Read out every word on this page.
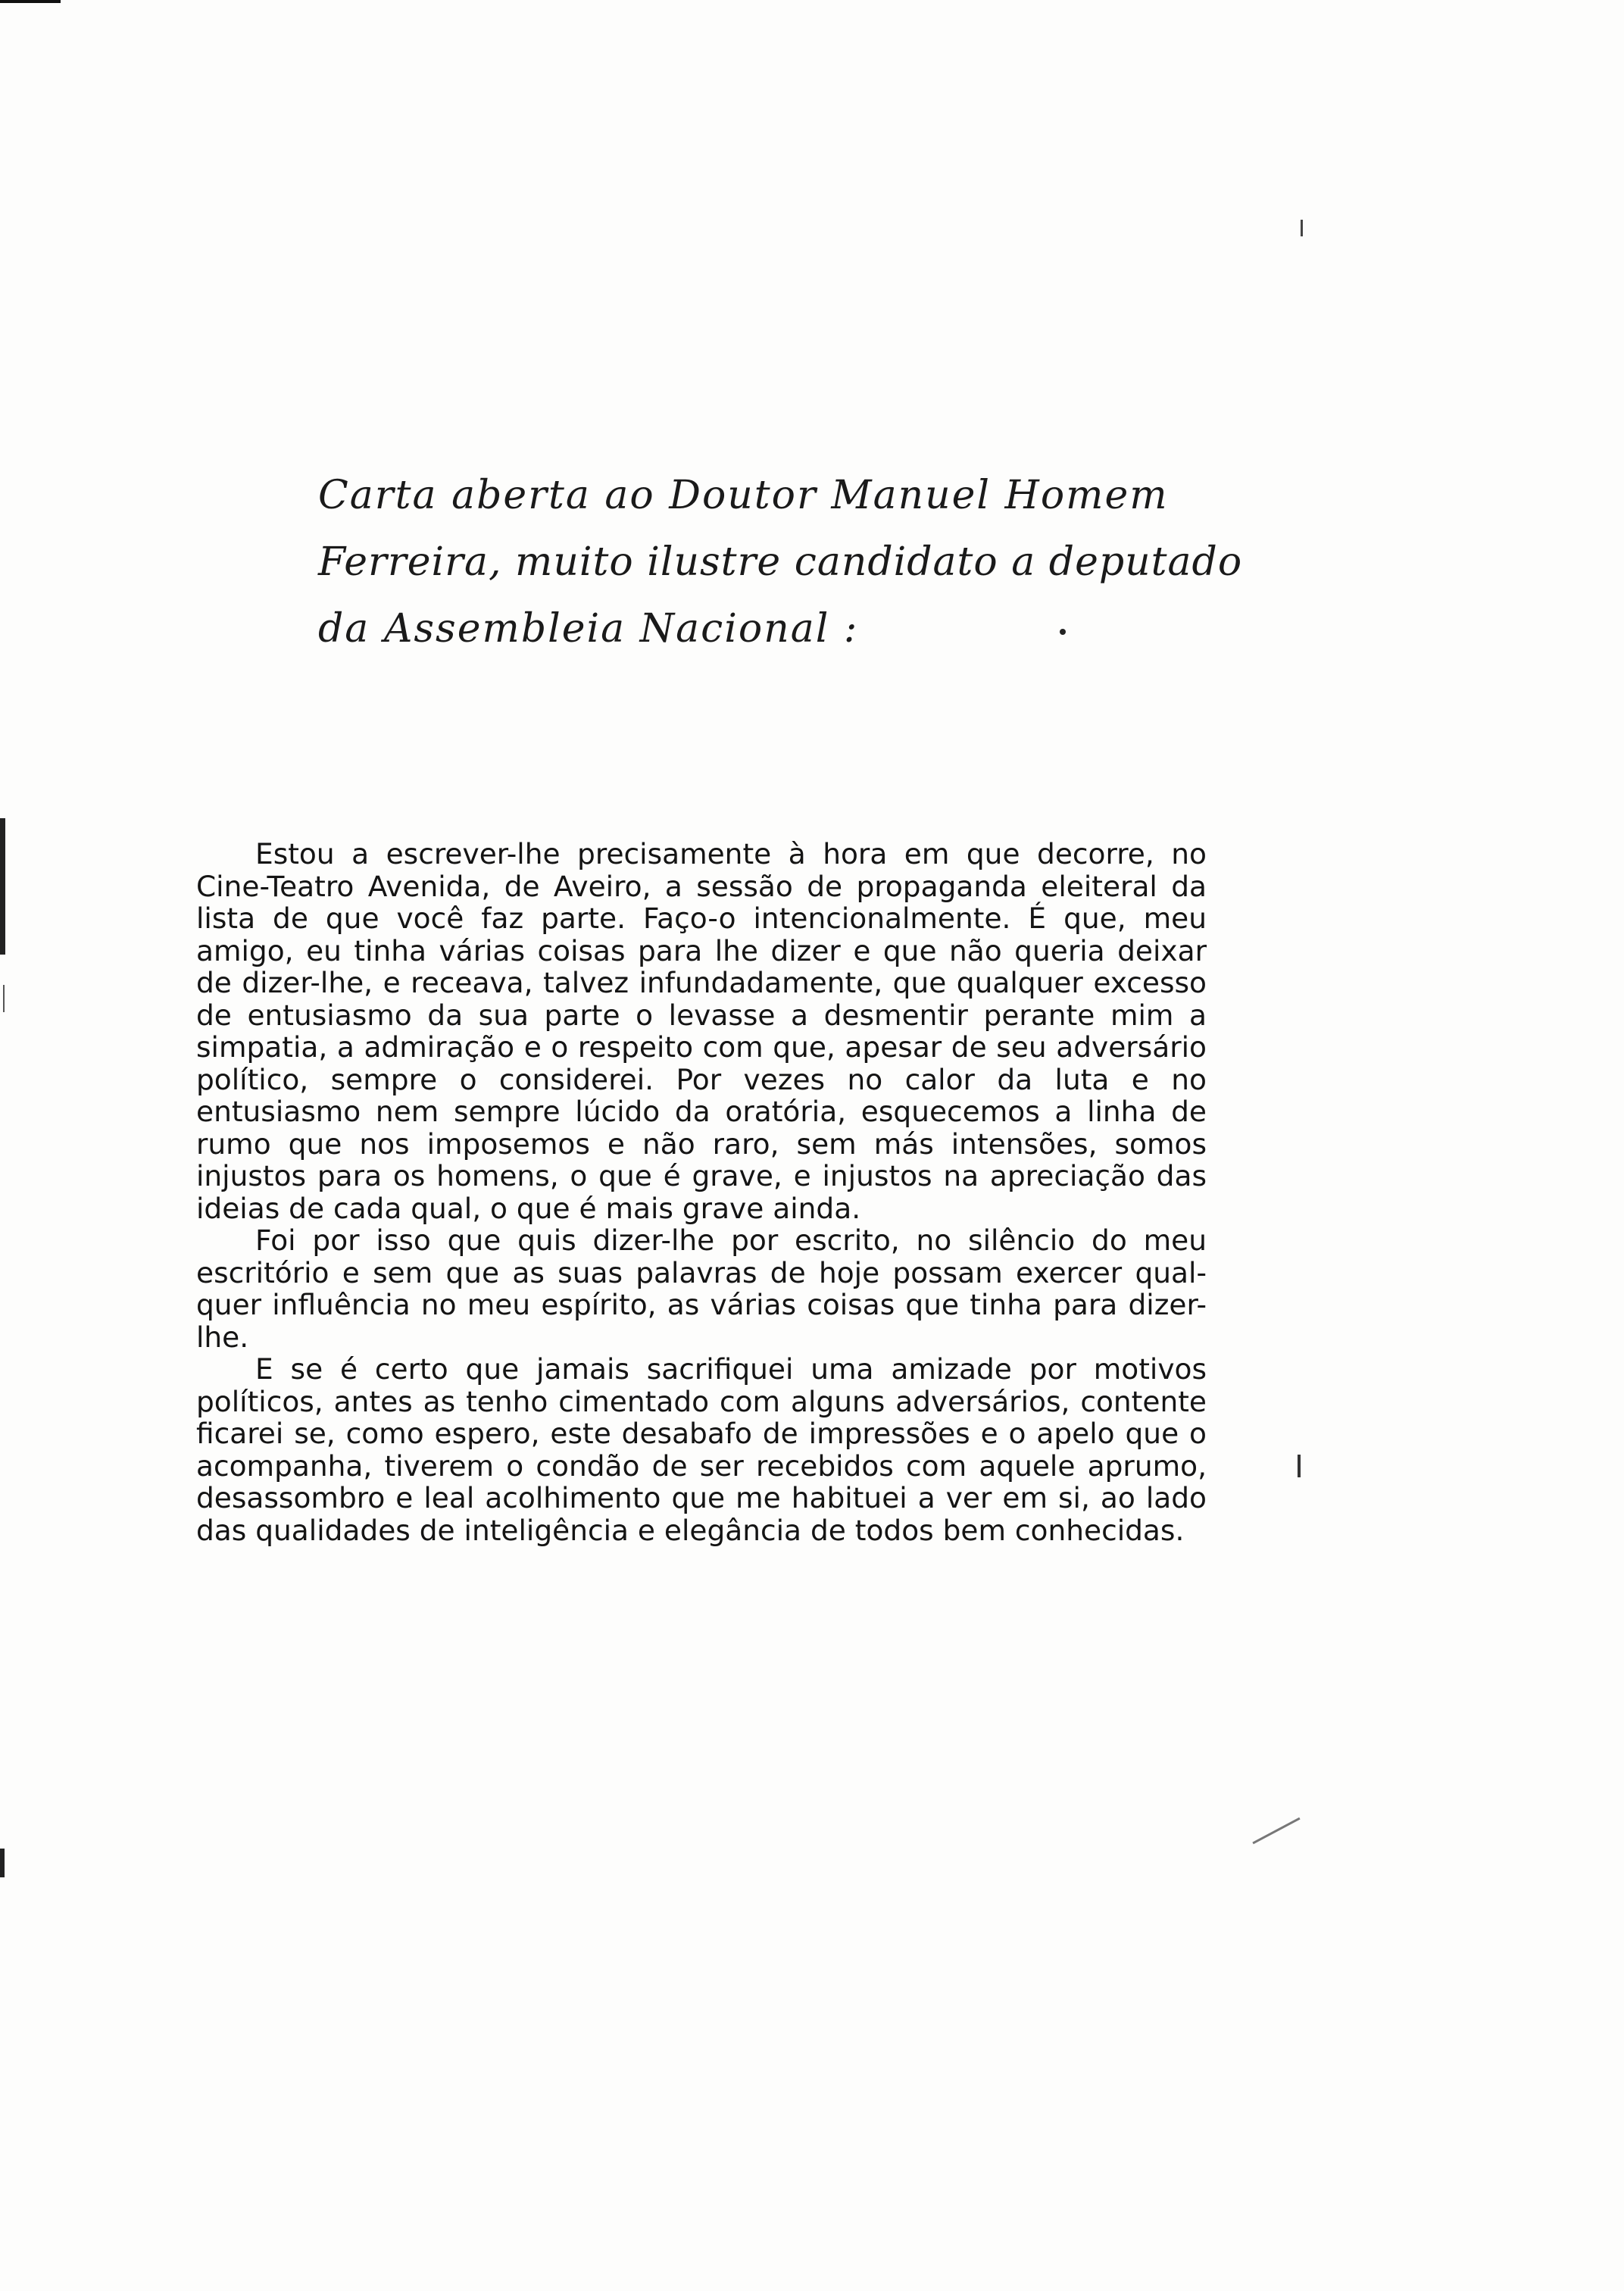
Carta aberta ao Doutor Manuel Homem
Ferreira, muito ilustre candidato a deputado
da Assembleia Nacional :

Estou a escrever-lhe precisamente à hora em que decorre, no Cine-Teatro Avenida, de Aveiro, a sessão de propaganda eleiteral da lista de que você faz parte. Faço-o intencionalmente. É que, meu amigo, eu tinha várias coisas para lhe dizer e que não queria deixar de dizer-lhe, e receava, talvez infundadamente, que qualquer excesso de entusiasmo da sua parte o levasse a desmentir perante mim a simpatia, a admiração e o respeito com que, apesar de seu adversário político, sempre o considerei. Por vezes no calor da luta e no entusiasmo nem sempre lúcido da oratória, esquecemos a linha de rumo que nos imposemos e não raro, sem más intensões, somos injustos para os homens, o que é grave, e injustos na apreciação das ideias de cada qual, o que é mais grave ainda.

Foi por isso que quis dizer-lhe por escrito, no silêncio do meu escritório e sem que as suas palavras de hoje possam exercer qualquer influência no meu espírito, as várias coisas que tinha para dizer-lhe.

E se é certo que jamais sacrifiquei uma amizade por motivos políticos, antes as tenho cimentado com alguns adversários, contente ficarei se, como espero, este desabafo de impressões e o apelo que o acompanha, tiverem o condão de ser recebidos com aquele aprumo, desassombro e leal acolhimento que me habituei a ver em si, ao lado das qualidades de inteligência e elegância de todos bem conhecidas.
